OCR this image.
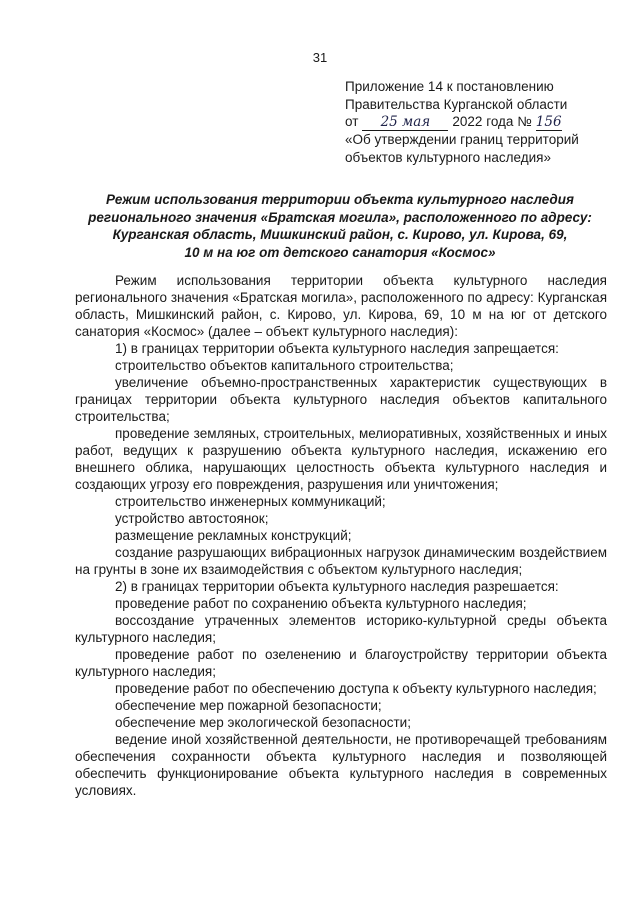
31
Приложение 14 к постановлению
Правительства Курганской области
от 25 мая 2022 года № 156
«Об утверждении границ территорий
объектов культурного наследия»
Режим использования территории объекта культурного наследия
регионального значения «Братская могила», расположенного по адресу:
Курганская область, Мишкинский район, с. Кирово, ул. Кирова, 69,
10 м на юг от детского санатория «Космос»

Режим использования территории объекта культурного наследия регионального значения «Братская могила», расположенного по адресу: Курганская область, Мишкинский район, с. Кирово, ул. Кирова, 69, 10 м на юг от детского санатория «Космос» (далее – объект культурного наследия):

1) в границах территории объекта культурного наследия запрещается:

строительство объектов капитального строительства;

увеличение объемно-пространственных характеристик существующих в границах территории объекта культурного наследия объектов капитального строительства;

проведение земляных, строительных, мелиоративных, хозяйственных и иных работ, ведущих к разрушению объекта культурного наследия, искажению его внешнего облика, нарушающих целостность объекта культурного наследия и создающих угрозу его повреждения, разрушения или уничтожения;

строительство инженерных коммуникаций;

устройство автостоянок;

размещение рекламных конструкций;

создание разрушающих вибрационных нагрузок динамическим воздействием на грунты в зоне их взаимодействия с объектом культурного наследия;

2) в границах территории объекта культурного наследия разрешается:

проведение работ по сохранению объекта культурного наследия;

воссоздание утраченных элементов историко-культурной среды объекта культурного наследия;

проведение работ по озеленению и благоустройству территории объекта культурного наследия;

проведение работ по обеспечению доступа к объекту культурного наследия;

обеспечение мер пожарной безопасности;

обеспечение мер экологической безопасности;

ведение иной хозяйственной деятельности, не противоречащей требованиям обеспечения сохранности объекта культурного наследия и позволяющей обеспечить функционирование объекта культурного наследия в современных условиях.
